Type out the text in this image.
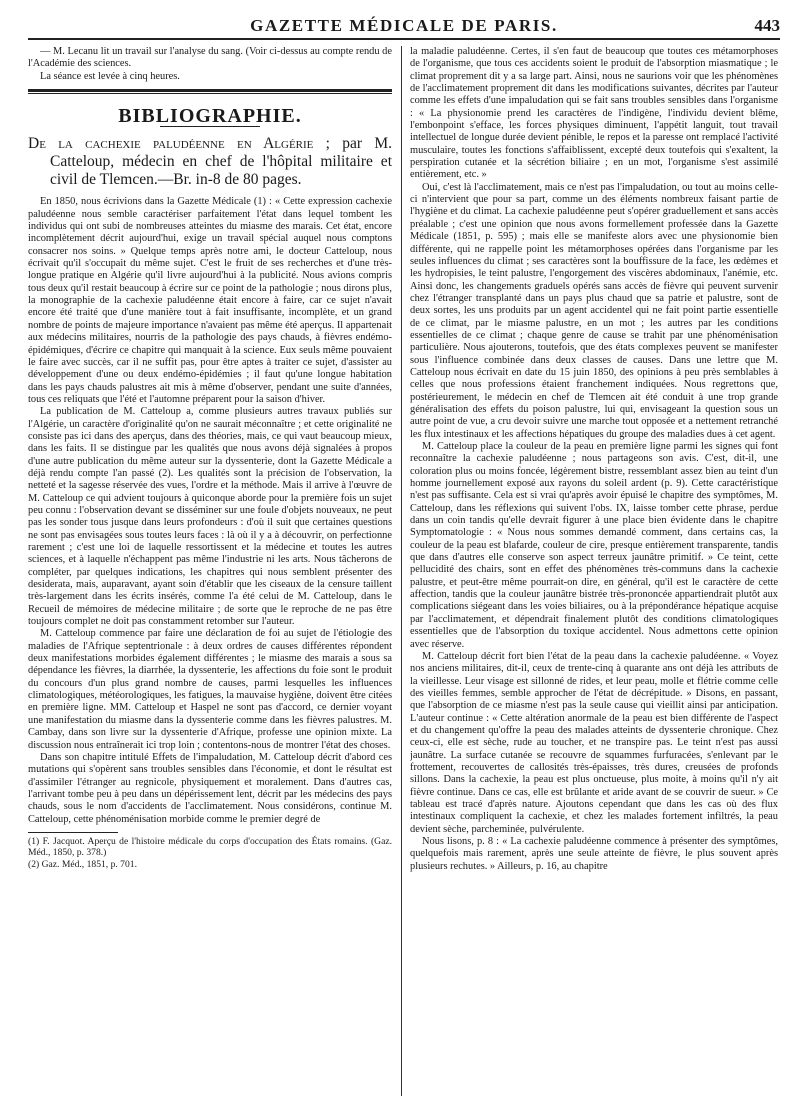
GAZETTE MÉDICALE DE PARIS.	443

— M. Lecanu lit un travail sur l'analyse du sang. (Voir ci-dessus au compte rendu de l'Académie des sciences.

La séance est levée à cinq heures.

BIBLIOGRAPHIE.

De la cachexie paludéenne en Algérie ; par M. Catteloup, médecin en chef de l'hôpital militaire et civil de Tlemcen.—Br. in-8 de 80 pages.

En 1850, nous écrivions dans la Gazette Médicale (1) : « Cette expression cachexie paludéenne nous semble caractériser parfaitement l'état dans lequel tombent les individus qui ont subi de nombreuses atteintes du miasme des marais. Cet état, encore incomplètement décrit aujourd'hui, exige un travail spécial auquel nous comptons consacrer nos soins. » Quelque temps après notre ami, le docteur Catteloup, nous écrivait qu'il s'occupait du même sujet. C'est le fruit de ses recherches et d'une très-longue pratique en Algérie qu'il livre aujourd'hui à la publicité. Nous avions compris tous deux qu'il restait beaucoup à écrire sur ce point de la pathologie ; nous dirons plus, la monographie de la cachexie paludéenne était encore à faire, car ce sujet n'avait encore été traité que d'une manière tout à fait insuffisante, incomplète, et un grand nombre de points de majeure importance n'avaient pas même été aperçus. Il appartenait aux médecins militaires, nourris de la pathologie des pays chauds, à fièvres endémo-épidémiques, d'écrire ce chapitre qui manquait à la science. Eux seuls même pouvaient le faire avec succès, car il ne suffit pas, pour être aptes à traiter ce sujet, d'assister au développement d'une ou deux endémo-épidémies ; il faut qu'une longue habitation dans les pays chauds palustres ait mis à même d'observer, pendant une suite d'années, tous ces reliquats que l'été et l'automne préparent pour la saison d'hiver.

La publication de M. Catteloup a, comme plusieurs autres travaux publiés sur l'Algérie, un caractère d'originalité qu'on ne saurait méconnaître ; et cette originalité ne consiste pas ici dans des aperçus, dans des théories, mais, ce qui vaut beaucoup mieux, dans les faits. Il se distingue par les qualités que nous avons déjà signalées à propos d'une autre publication du même auteur sur la dyssenterie, dont la Gazette Médicale a déjà rendu compte l'an passé (2). Les qualités sont la précision de l'observation, la netteté et la sagesse réservée des vues, l'ordre et la méthode. Mais il arrive à l'œuvre de M. Catteloup ce qui advient toujours à quiconque aborde pour la première fois un sujet peu connu : l'observation devant se disséminer sur une foule d'objets nouveaux, ne peut pas les sonder tous jusque dans leurs profondeurs : d'où il suit que certaines questions ne sont pas envisagées sous toutes leurs faces : là où il y a à découvrir, on perfectionne rarement ; c'est une loi de laquelle ressortissent et la médecine et toutes les autres sciences, et à laquelle n'échappent pas même l'industrie ni les arts. Nous tâcherons de compléter, par quelques indications, les chapitres qui nous semblent présenter des desiderata, mais, auparavant, ayant soin d'établir que les ciseaux de la censure taillent très-largement dans les écrits insérés, comme l'a été celui de M. Catteloup, dans le Recueil de mémoires de médecine militaire ; de sorte que le reproche de ne pas être toujours complet ne doit pas constamment retomber sur l'auteur.

M. Catteloup commence par faire une déclaration de foi au sujet de l'étiologie des maladies de l'Afrique septentrionale : à deux ordres de causes différentes répondent deux manifestations morbides également différentes ; le miasme des marais a sous sa dépendance les fièvres, la diarrhée, la dyssenterie, les affections du foie sont le produit du concours d'un plus grand nombre de causes, parmi lesquelles les influences climatologiques, météorologiques, les fatigues, la mauvaise hygiène, doivent être citées en première ligne. MM. Catteloup et Haspel ne sont pas d'accord, ce dernier voyant une manifestation du miasme dans la dyssenterie comme dans les fièvres palustres. M. Cambay, dans son livre sur la dyssenterie d'Afrique, professe une opinion mixte. La discussion nous entraînerait ici trop loin ; contentons-nous de montrer l'état des choses.

Dans son chapitre intitulé Effets de l'impaludation, M. Catteloup décrit d'abord ces mutations qui s'opèrent sans troubles sensibles dans l'économie, et dont le résultat est d'assimiler l'étranger au regnicole, physiquement et moralement. Dans d'autres cas, l'arrivant tombe peu à peu dans un dépérissement lent, décrit par les médecins des pays chauds, sous le nom d'accidents de l'acclimatement. Nous considérons, continue M. Catteloup, cette phénoménisation morbide comme le premier degré de

(1) F. Jacquot. Aperçu de l'histoire médicale du corps d'occupation des États romains. (Gaz. Méd., 1850, p. 378.)

(2) Gaz. Méd., 1851, p. 701.

la maladie paludéenne. Certes, il s'en faut de beaucoup que toutes ces métamorphoses de l'organisme, que tous ces accidents soient le produit de l'absorption miasmatique ; le climat proprement dit y a sa large part. Ainsi, nous ne saurions voir que les phénomènes de l'acclimatement proprement dit dans les modifications suivantes, décrites par l'auteur comme les effets d'une impaludation qui se fait sans troubles sensibles dans l'organisme : « La physionomie prend les caractères de l'indigène, l'individu devient blême, l'embonpoint s'efface, les forces physiques diminuent, l'appétit languit, tout travail intellectuel de longue durée devient pénible, le repos et la paresse ont remplacé l'activité musculaire, toutes les fonctions s'affaiblissent, excepté deux toutefois qui s'exaltent, la perspiration cutanée et la sécrétion biliaire ; en un mot, l'organisme s'est assimilé entièrement, etc. »

Oui, c'est là l'acclimatement, mais ce n'est pas l'impaludation, ou tout au moins celle-ci n'intervient que pour sa part, comme un des éléments nombreux faisant partie de l'hygiène et du climat. La cachexie paludéenne peut s'opérer graduellement et sans accès préalable ; c'est une opinion que nous avons formellement professée dans la Gazette Médicale (1851, p. 595) ; mais elle se manifeste alors avec une physionomie bien différente, qui ne rappelle point les métamorphoses opérées dans l'organisme par les seules influences du climat ; ses caractères sont la bouffissure de la face, les œdèmes et les hydropisies, le teint palustre, l'engorgement des viscères abdominaux, l'anémie, etc. Ainsi donc, les changements graduels opérés sans accès de fièvre qui peuvent survenir chez l'étranger transplanté dans un pays plus chaud que sa patrie et palustre, sont de deux sortes, les uns produits par un agent accidentel qui ne fait point partie essentielle de ce climat, par le miasme palustre, en un mot ; les autres par les conditions essentielles de ce climat ; chaque genre de cause se trahit par une phénoménisation particulière. Nous ajouterons, toutefois, que des états complexes peuvent se manifester sous l'influence combinée dans deux classes de causes. Dans une lettre que M. Catteloup nous écrivait en date du 15 juin 1850, des opinions à peu près semblables à celles que nous professions étaient franchement indiquées. Nous regrettons que, postérieurement, le médecin en chef de Tlemcen ait été conduit à une trop grande généralisation des effets du poison palustre, lui qui, envisageant la question sous un autre point de vue, a cru devoir suivre une marche tout opposée et a nettement retranché les flux intestinaux et les affections hépatiques du groupe des maladies dues à cet agent.

M. Catteloup place la couleur de la peau en première ligne parmi les signes qui font reconnaître la cachexie paludéenne ; nous partageons son avis. C'est, dit-il, une coloration plus ou moins foncée, légèrement bistre, ressemblant assez bien au teint d'un homme journellement exposé aux rayons du soleil ardent (p. 9). Cette caractéristique n'est pas suffisante. Cela est si vrai qu'après avoir épuisé le chapitre des symptômes, M. Catteloup, dans les réflexions qui suivent l'obs. IX, laisse tomber cette phrase, perdue dans un coin tandis qu'elle devrait figurer à une place bien évidente dans le chapitre Symptomatologie : « Nous nous sommes demandé comment, dans certains cas, la couleur de la peau est blafarde, couleur de cire, presque entièrement transparente, tandis que dans d'autres elle conserve son aspect terreux jaunâtre primitif. » Ce teint, cette pellucidité des chairs, sont en effet des phénomènes très-communs dans la cachexie palustre, et peut-être même pourrait-on dire, en général, qu'il est le caractère de cette affection, tandis que la couleur jaunâtre bistrée très-prononcée appartiendrait plutôt aux complications siégeant dans les voies biliaires, ou à la prépondérance hépatique acquise par l'acclimatement, et dépendrait finalement plutôt des conditions climatologiques essentielles que de l'absorption du toxique accidentel. Nous admettons cette opinion avec réserve.

M. Catteloup décrit fort bien l'état de la peau dans la cachexie paludéenne. « Voyez nos anciens militaires, dit-il, ceux de trente-cinq à quarante ans ont déjà les attributs de la vieillesse. Leur visage est sillonné de rides, et leur peau, molle et flétrie comme celle des vieilles femmes, semble approcher de l'état de décrépitude. » Disons, en passant, que l'absorption de ce miasme n'est pas la seule cause qui vieillit ainsi par anticipation. L'auteur continue : « Cette altération anormale de la peau est bien différente de l'aspect et du changement qu'offre la peau des malades atteints de dyssenterie chronique. Chez ceux-ci, elle est sèche, rude au toucher, et ne transpire pas. Le teint n'est pas aussi jaunâtre. La surface cutanée se recouvre de squammes furfuracées, s'enlevant par le frottement, recouvertes de callosités très-épaisses, très dures, creusées de profonds sillons. Dans la cachexie, la peau est plus onctueuse, plus moite, à moins qu'il n'y ait fièvre continue. Dans ce cas, elle est brûlante et aride avant de se couvrir de sueur. » Ce tableau est tracé d'après nature. Ajoutons cependant que dans les cas où des flux intestinaux compliquent la cachexie, et chez les malades fortement infiltrés, la peau devient sèche, parcheminée, pulvérulente.

Nous lisons, p. 8 : « La cachexie paludéenne commence à présenter des symptômes, quelquefois mais rarement, après une seule atteinte de fièvre, le plus souvent après plusieurs rechutes. » Ailleurs, p. 16, au chapitre
